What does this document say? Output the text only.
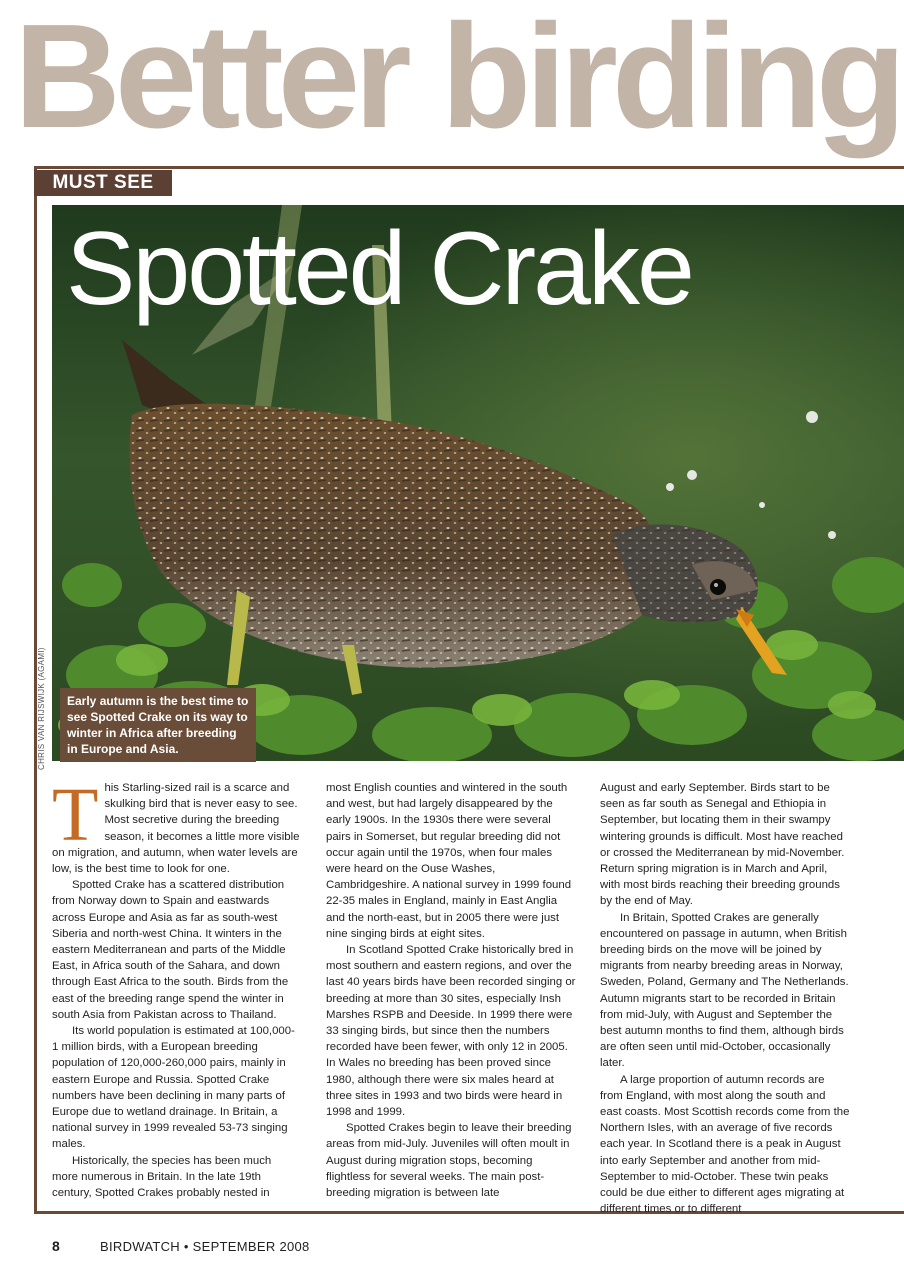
Better birding
MUST SEE
Spotted Crake
Early autumn is the best time to see Spotted Crake on its way to winter in Africa after breeding in Europe and Asia.
CHRIS VAN RIJSWIJK (AGAMI)

This Starling-sized rail is a scarce and skulking bird that is never easy to see. Most secretive during the breeding season, it becomes a little more visible on migration, and autumn, when water levels are low, is the best time to look for one.

Spotted Crake has a scattered distribution from Norway down to Spain and eastwards across Europe and Asia as far as south-west Siberia and north-west China. It winters in the eastern Mediterranean and parts of the Middle East, in Africa south of the Sahara, and down through East Africa to the south. Birds from the east of the breeding range spend the winter in south Asia from Pakistan across to Thailand.

Its world population is estimated at 100,000-1 million birds, with a European breeding population of 120,000-260,000 pairs, mainly in eastern Europe and Russia. Spotted Crake numbers have been declining in many parts of Europe due to wetland drainage. In Britain, a national survey in 1999 revealed 53-73 singing males.

Historically, the species has been much more numerous in Britain. In the late 19th century, Spotted Crakes probably nested in

most English counties and wintered in the south and west, but had largely disappeared by the early 1900s. In the 1930s there were several pairs in Somerset, but regular breeding did not occur again until the 1970s, when four males were heard on the Ouse Washes, Cambridgeshire. A national survey in 1999 found 22-35 males in England, mainly in East Anglia and the north-east, but in 2005 there were just nine singing birds at eight sites.

In Scotland Spotted Crake historically bred in most southern and eastern regions, and over the last 40 years birds have been recorded singing or breeding at more than 30 sites, especially Insh Marshes RSPB and Deeside. In 1999 there were 33 singing birds, but since then the numbers recorded have been fewer, with only 12 in 2005. In Wales no breeding has been proved since 1980, although there were six males heard at three sites in 1993 and two birds were heard in 1998 and 1999.

Spotted Crakes begin to leave their breeding areas from mid-July. Juveniles will often moult in August during migration stops, becoming flightless for several weeks. The main post-breeding migration is between late

August and early September. Birds start to be seen as far south as Senegal and Ethiopia in September, but locating them in their swampy wintering grounds is difficult. Most have reached or crossed the Mediterranean by mid-November. Return spring migration is in March and April, with most birds reaching their breeding grounds by the end of May.

In Britain, Spotted Crakes are generally encountered on passage in autumn, when British breeding birds on the move will be joined by migrants from nearby breeding areas in Norway, Sweden, Poland, Germany and The Netherlands. Autumn migrants start to be recorded in Britain from mid-July, with August and September the best autumn months to find them, although birds are often seen until mid-October, occasionally later.

A large proportion of autumn records are from England, with most along the south and east coasts. Most Scottish records come from the Northern Isles, with an average of five records each year. In Scotland there is a peak in August into early September and another from mid-September to mid-October. These twin peaks could be due either to different ages migrating at different times or to different

8	BIRDWATCH • SEPTEMBER 2008
